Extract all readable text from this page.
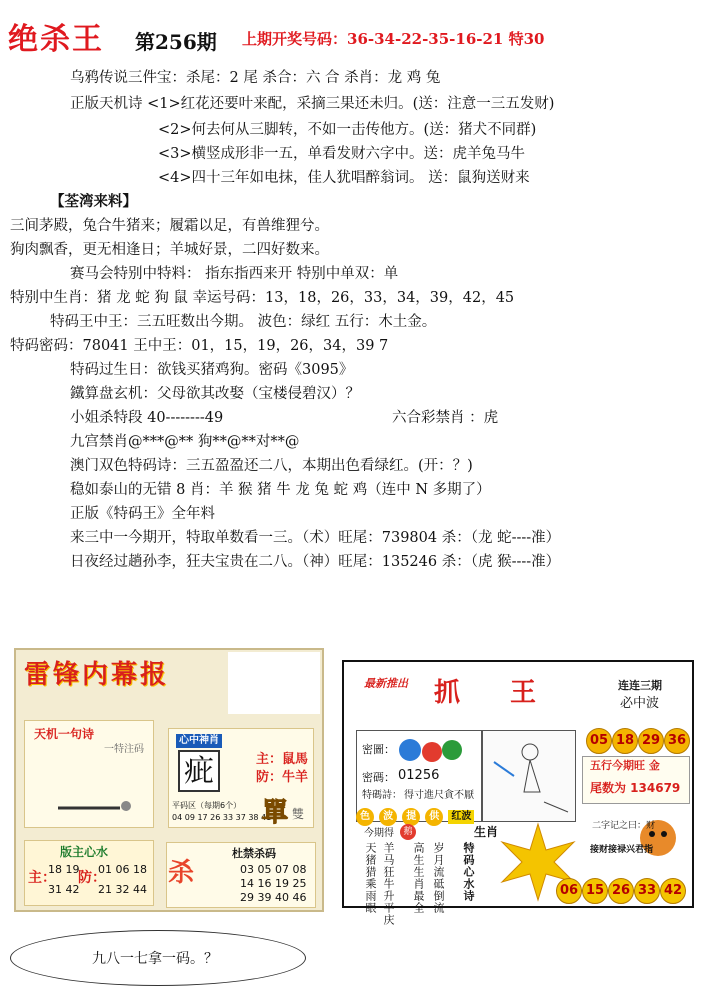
绝杀王 第256期 上期开奖号码：36-34-22-35-16-21 特30
乌鸦传说三件宝：杀尾：2 尾 杀合：六 合 杀肖：龙 鸡 兔
正版天机诗 <1>红花还要叶来配，采摘三果还未归。(送：注意一三五发财)
<2>何去何从三脚转，不如一击传他方。(送：猪犬不同群)
<3>横竖成形非一五，单看发财六字中。送：虎羊兔马牛
<4>四十三年如电抹，佳人犹唱醉翁词。 送：鼠狗送财来
【荃湾来料】
三间茅殿，兔合牛猪来；履霜以足，有兽维狸兮。
狗肉飘香，更无相逢日；羊城好景，二四好数来。
赛马会特别中特料： 指东指西来开 特别中单双：单
特别中生肖：猪 龙 蛇 狗 鼠 幸运号码：13，18，26，33，34，39，42，45
特码王中王：三五旺数出今期。 波色：绿红 五行：木土金。
特码密码：78041 王中王：01，15，19，26，34，39 7
特码过生日：欲钱买猪鸡狗。密码《3095》
鐵算盘玄机：父母欲其改娶（宝楼侵碧汉）？
小姐杀特段 40--------49	六合彩禁肖 ：虎
九宫禁肖@***@** 狗**@**对**@
澳门双色特码诗：三五盈盈还二八，本期出色看绿红。(开：？)
稳如泰山的无错 8 肖：羊 猴 猪 牛 龙 兔 蛇 鸡（连中 N 多期了）
正版《特码王》全年料
来三中一今期开，特取单数看一三。（术）旺尾：739804 杀：（龙 蛇----准）
日夜经过趟孙李，狂夫宝贵在二八。（神）旺尾：135246 杀：（虎 猴----准）
雷锋内幕报
天机一句诗
一特注码
心中神肖
疵	主：鼠馬
防：牛羊
平码区（每期6个）
04 09 17 26 33 37 38 41
單 雙
版主心水
主：
18 19
31 42
防：
01 06 18
21 32 44
杀
杜禁杀码
03 05 07 08
14 16 19 25
29 39 40 46
最新推出 抓王	连连三期
必中波
05 18 29 36
密圖：
密碼： 01256
特碼詩： 得寸進尺貪不厭
五行今期旺 金
尾数为 134679
色 波 提 供 红波
今期得	鹅	生肖
天猪猎乘雨眼 羊马狂牛升平庆 高生生肖最全 岁月流砥倒流 特码心水诗
二字记之曰：财
接财接禄兴君指
06 15 26 33 42
九八一七拿一码。？
